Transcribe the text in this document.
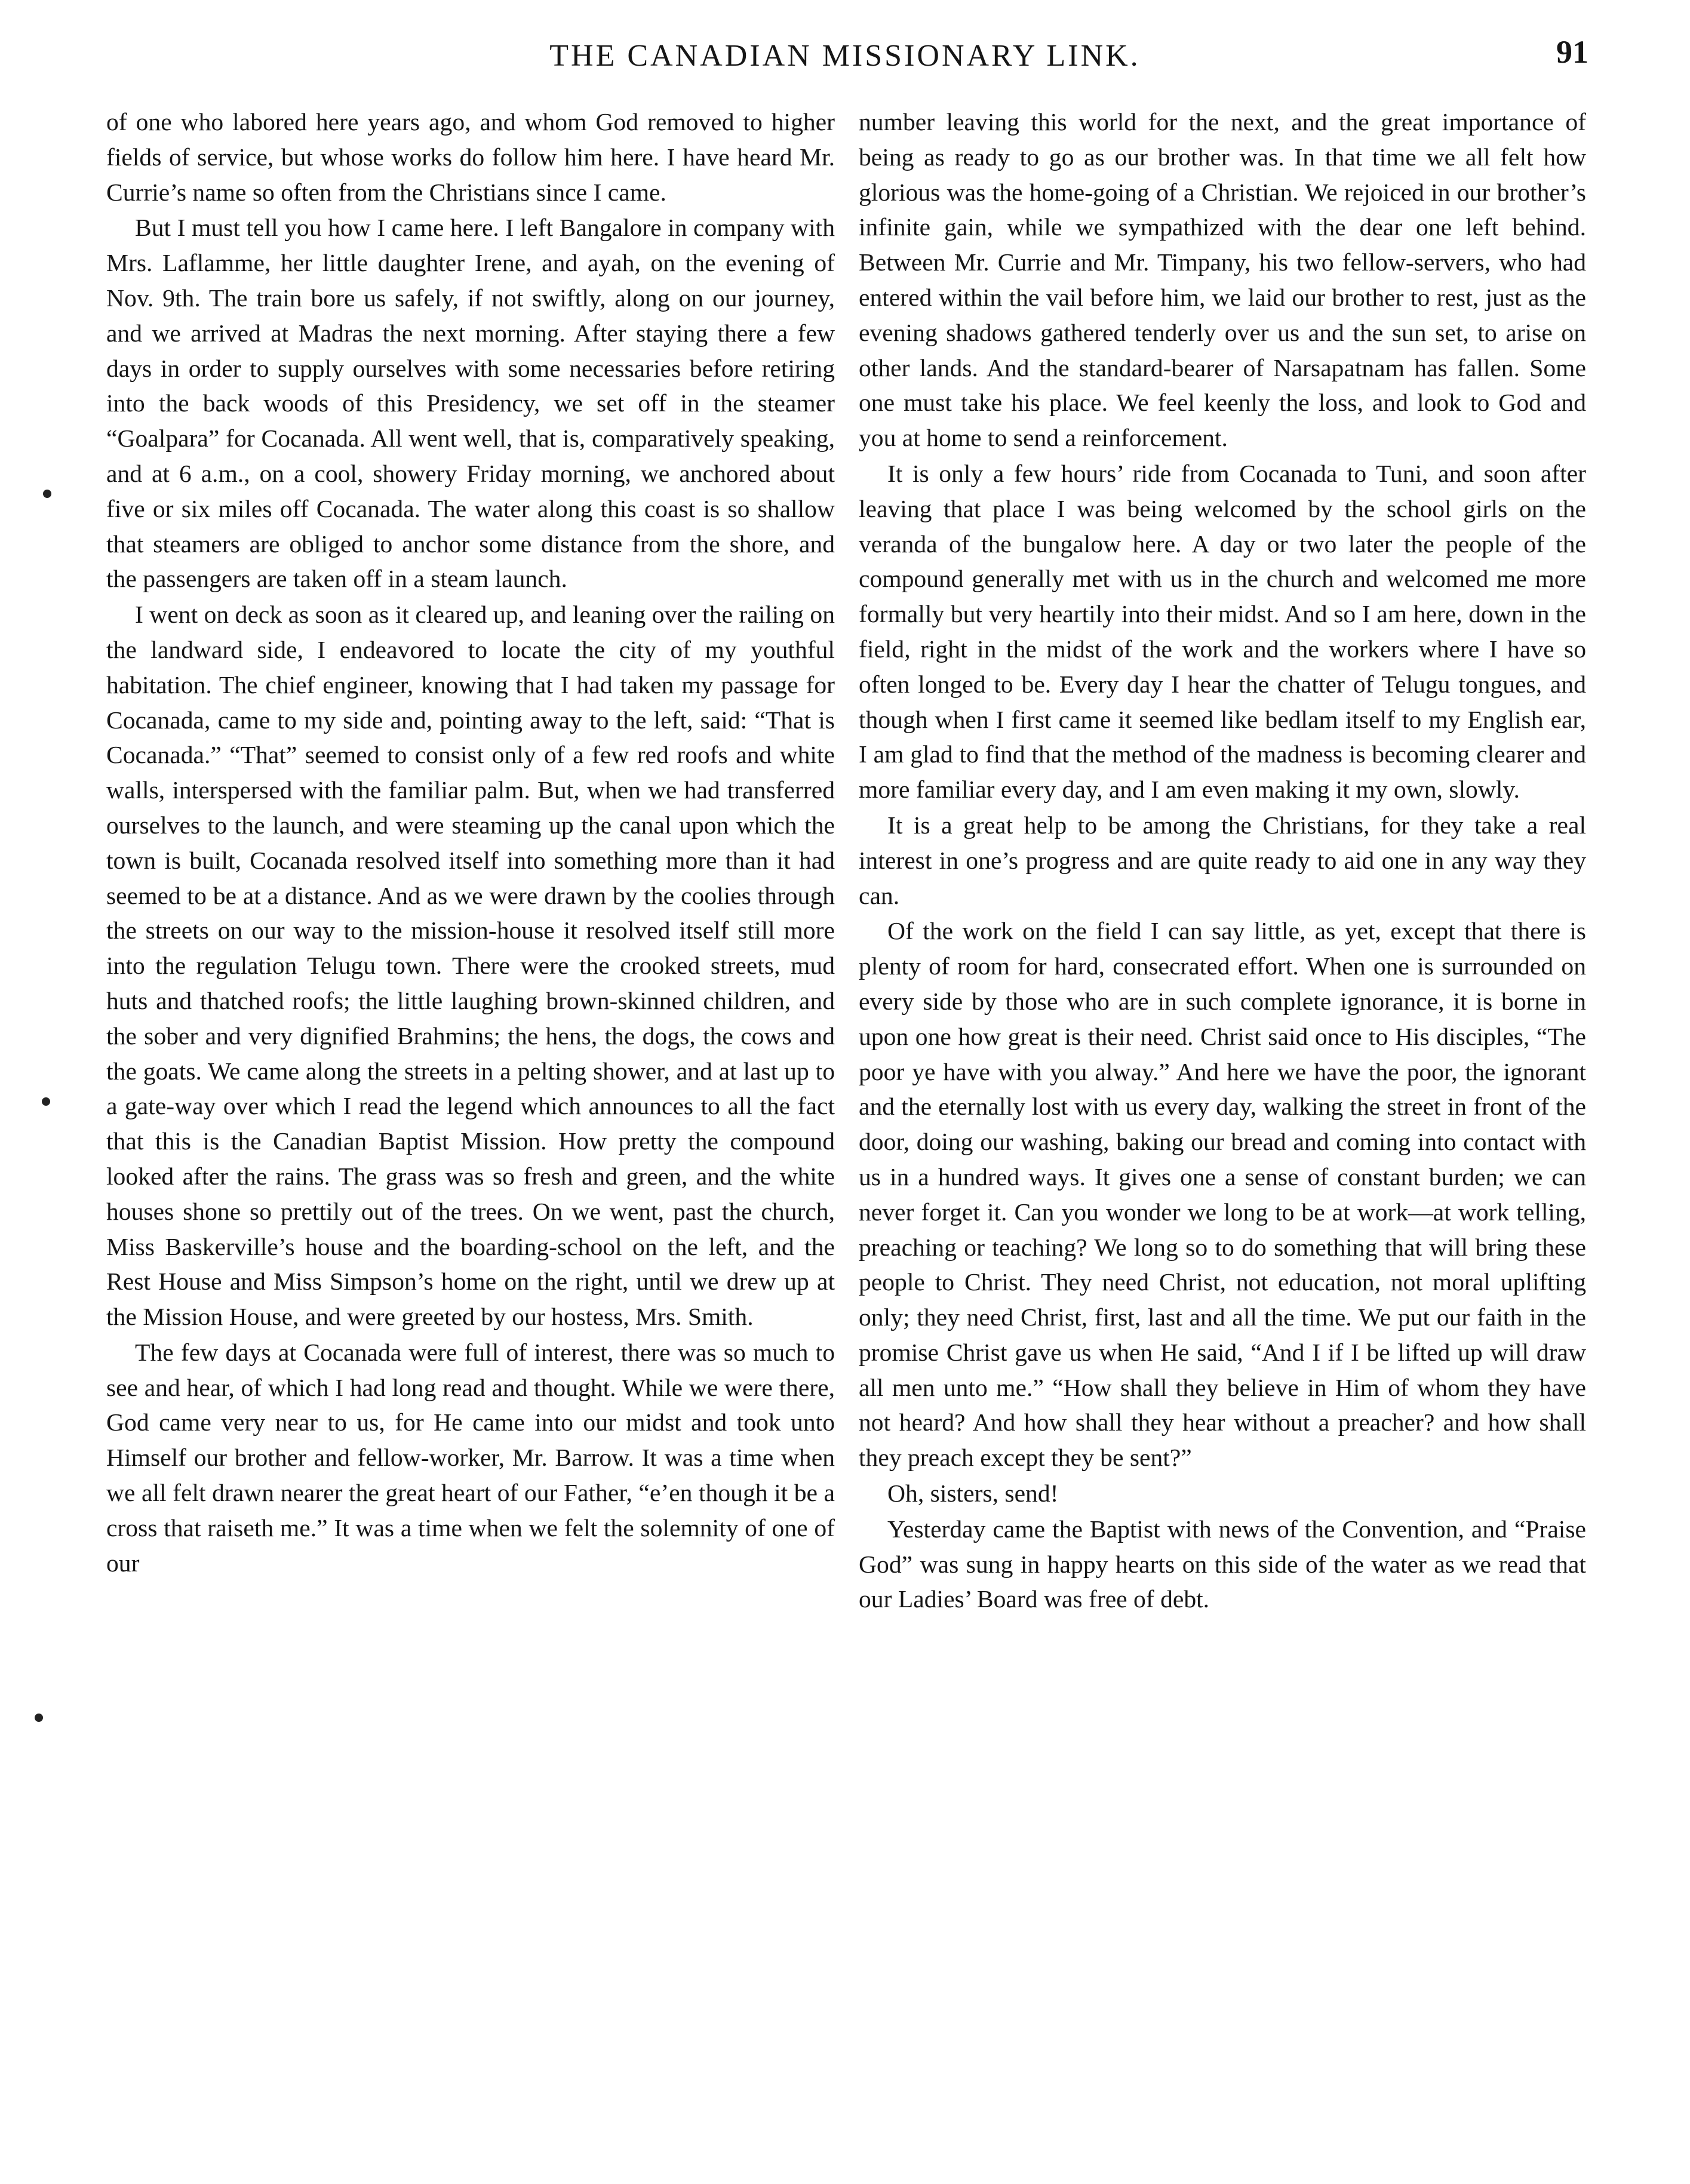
THE CANADIAN MISSIONARY LINK.	91

of one who labored here years ago, and whom God removed to higher fields of service, but whose works do follow him here. I have heard Mr. Currie’s name so often from the Christians since I came.

But I must tell you how I came here. I left Bangalore in company with Mrs. Laflamme, her little daughter Irene, and ayah, on the evening of Nov. 9th. The train bore us safely, if not swiftly, along on our journey, and we arrived at Madras the next morning. After staying there a few days in order to supply ourselves with some necessaries before retiring into the back woods of this Presidency, we set off in the steamer “Goalpara” for Cocanada. All went well, that is, comparatively speaking, and at 6 a.m., on a cool, showery Friday morning, we anchored about five or six miles off Cocanada. The water along this coast is so shallow that steamers are obliged to anchor some distance from the shore, and the passengers are taken off in a steam launch.

I went on deck as soon as it cleared up, and leaning over the railing on the landward side, I endeavored to locate the city of my youthful habitation. The chief engineer, knowing that I had taken my passage for Cocanada, came to my side and, pointing away to the left, said: “That is Cocanada.” “That” seemed to consist only of a few red roofs and white walls, interspersed with the familiar palm. But, when we had transferred ourselves to the launch, and were steaming up the canal upon which the town is built, Cocanada resolved itself into something more than it had seemed to be at a distance. And as we were drawn by the coolies through the streets on our way to the mission-house it resolved itself still more into the regulation Telugu town. There were the crooked streets, mud huts and thatched roofs; the little laughing brown-skinned children, and the sober and very dignified Brahmins; the hens, the dogs, the cows and the goats. We came along the streets in a pelting shower, and at last up to a gate-way over which I read the legend which announces to all the fact that this is the Canadian Baptist Mission. How pretty the compound looked after the rains. The grass was so fresh and green, and the white houses shone so prettily out of the trees. On we went, past the church, Miss Baskerville’s house and the boarding-school on the left, and the Rest House and Miss Simpson’s home on the right, until we drew up at the Mission House, and were greeted by our hostess, Mrs. Smith.

The few days at Cocanada were full of interest, there was so much to see and hear, of which I had long read and thought. While we were there, God came very near to us, for He came into our midst and took unto Himself our brother and fellow-worker, Mr. Barrow. It was a time when we all felt drawn nearer the great heart of our Father, “e’en though it be a cross that raiseth me.” It was a time when we felt the solemnity of one of our

number leaving this world for the next, and the great importance of being as ready to go as our brother was. In that time we all felt how glorious was the home-going of a Christian. We rejoiced in our brother’s infinite gain, while we sympathized with the dear one left behind. Between Mr. Currie and Mr. Timpany, his two fellow-servers, who had entered within the vail before him, we laid our brother to rest, just as the evening shadows gathered tenderly over us and the sun set, to arise on other lands. And the standard-bearer of Narsapatnam has fallen. Some one must take his place. We feel keenly the loss, and look to God and you at home to send a reinforcement.

It is only a few hours’ ride from Cocanada to Tuni, and soon after leaving that place I was being welcomed by the school girls on the veranda of the bungalow here. A day or two later the people of the compound generally met with us in the church and welcomed me more formally but very heartily into their midst. And so I am here, down in the field, right in the midst of the work and the workers where I have so often longed to be. Every day I hear the chatter of Telugu tongues, and though when I first came it seemed like bedlam itself to my English ear, I am glad to find that the method of the madness is becoming clearer and more familiar every day, and I am even making it my own, slowly.

It is a great help to be among the Christians, for they take a real interest in one’s progress and are quite ready to aid one in any way they can.

Of the work on the field I can say little, as yet, except that there is plenty of room for hard, consecrated effort. When one is surrounded on every side by those who are in such complete ignorance, it is borne in upon one how great is their need. Christ said once to His disciples, “The poor ye have with you alway.” And here we have the poor, the ignorant and the eternally lost with us every day, walking the street in front of the door, doing our washing, baking our bread and coming into contact with us in a hundred ways. It gives one a sense of constant burden; we can never forget it. Can you wonder we long to be at work—at work telling, preaching or teaching? We long so to do something that will bring these people to Christ. They need Christ, not education, not moral uplifting only; they need Christ, first, last and all the time. We put our faith in the promise Christ gave us when He said, “And I if I be lifted up will draw all men unto me.” “How shall they believe in Him of whom they have not heard? And how shall they hear without a preacher? and how shall they preach except they be sent?”

Oh, sisters, send!

Yesterday came the Baptist with news of the Convention, and “Praise God” was sung in happy hearts on this side of the water as we read that our Ladies’ Board was free of debt.
